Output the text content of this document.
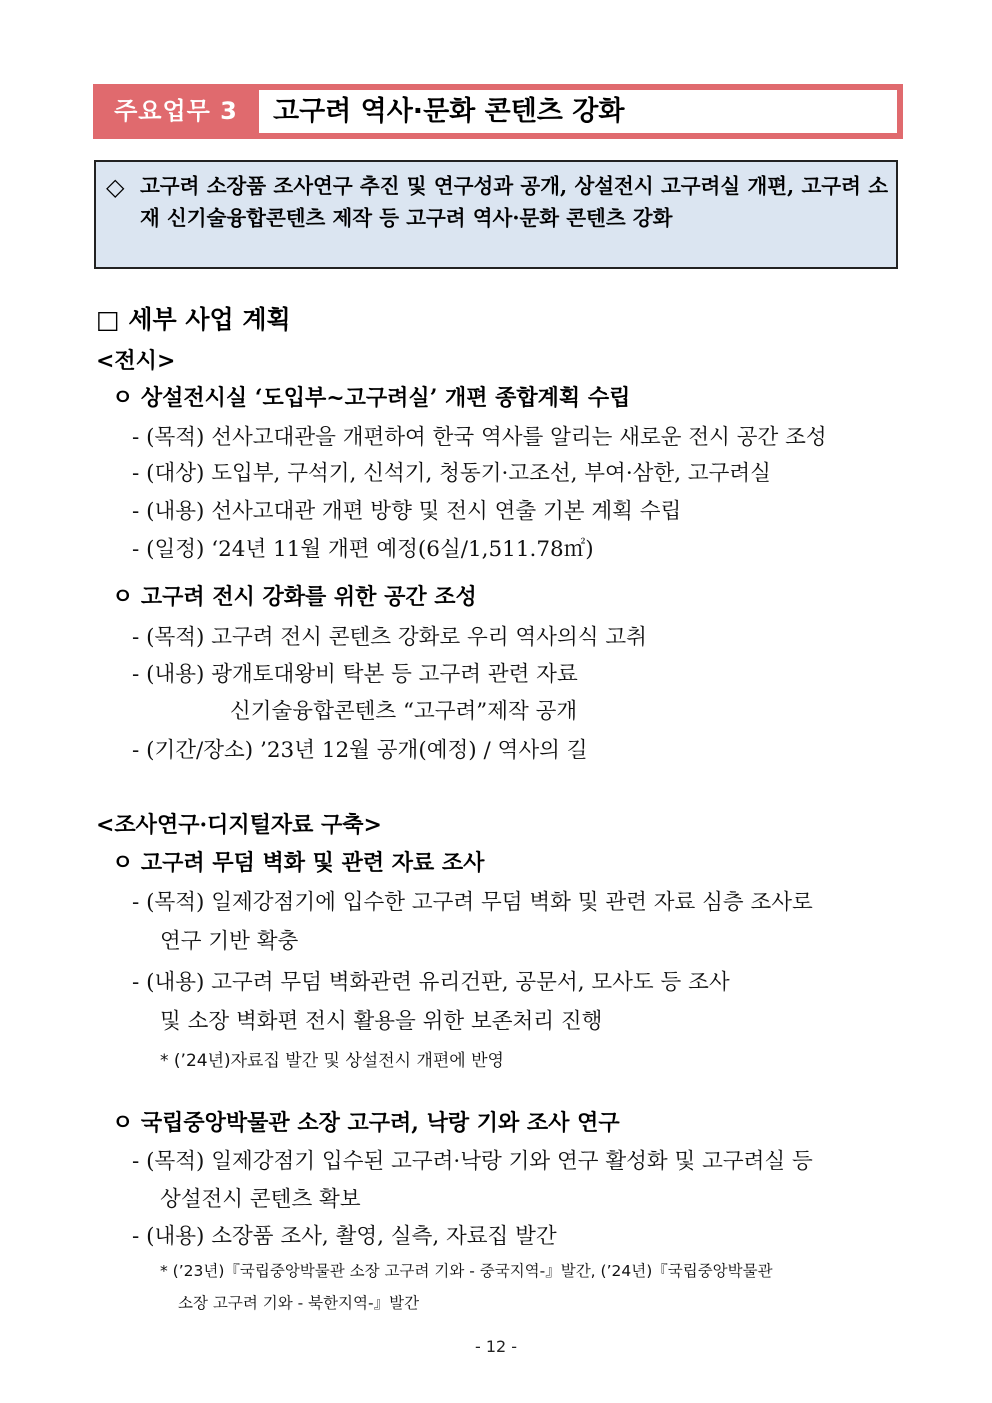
주요업무 3	고구려 역사·문화 콘텐츠 강화
◇ 고구려 소장품 조사연구 추진 및 연구성과 공개, 상설전시 고구려실 개편, 고구려 소재 신기술융합콘텐츠 제작 등 고구려 역사·문화 콘텐츠 강화
□ 세부 사업 계획
<전시>
ㅇ 상설전시실 ‘도입부~고구려실’ 개편 종합계획 수립
- (목적) 선사고대관을 개편하여 한국 역사를 알리는 새로운 전시 공간 조성
- (대상) 도입부, 구석기, 신석기, 청동기·고조선, 부여·삼한, 고구려실
- (내용) 선사고대관 개편 방향 및 전시 연출 기본 계획 수립
- (일정) ‘24년 11월 개편 예정(6실/1,511.78㎡)
ㅇ 고구려 전시 강화를 위한 공간 조성
- (목적) 고구려 전시 콘텐츠 강화로 우리 역사의식 고취
- (내용) 광개토대왕비 탁본 등 고구려 관련 자료
신기술융합콘텐츠 “고구려”제작 공개
- (기간/장소) ’23년 12월 공개(예정) / 역사의 길
<조사연구·디지털자료 구축>
ㅇ 고구려 무덤 벽화 및 관련 자료 조사
- (목적) 일제강점기에 입수한 고구려 무덤 벽화 및 관련 자료 심층 조사로
연구 기반 확충
- (내용) 고구려 무덤 벽화관련 유리건판, 공문서, 모사도 등 조사
및 소장 벽화편 전시 활용을 위한 보존처리 진행
* (’24년)자료집 발간 및 상설전시 개편에 반영
ㅇ 국립중앙박물관 소장 고구려, 낙랑 기와 조사 연구
- (목적) 일제강점기 입수된 고구려·낙랑 기와 연구 활성화 및 고구려실 등
상설전시 콘텐츠 확보
- (내용) 소장품 조사, 촬영, 실측, 자료집 발간
* (’23년)『국립중앙박물관 소장 고구려 기와 - 중국지역-』발간, (’24년)『국립중앙박물관
소장 고구려 기와 - 북한지역-』발간
- 12 -
